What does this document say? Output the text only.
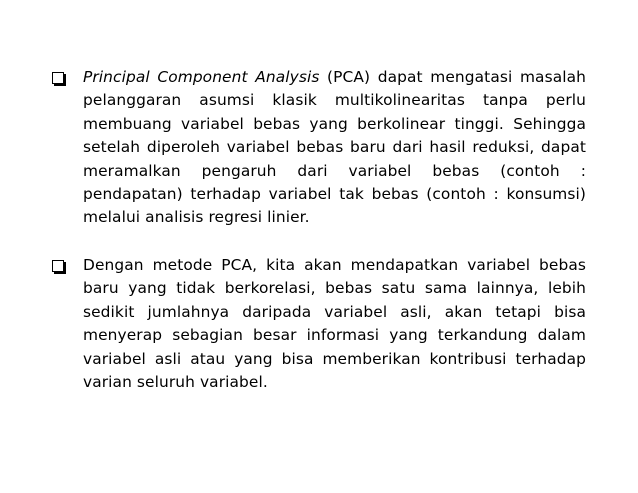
Principal Component Analysis (PCA) dapat mengatasi masalah pelanggaran asumsi klasik multikolinearitas tanpa perlu membuang variabel bebas yang berkolinear tinggi. Sehingga setelah diperoleh variabel bebas baru dari hasil reduksi, dapat meramalkan pengaruh dari variabel bebas (contoh : pendapatan) terhadap variabel tak bebas (contoh : konsumsi) melalui analisis regresi linier.
Dengan metode PCA, kita akan mendapatkan variabel bebas baru yang tidak berkorelasi, bebas satu sama lainnya, lebih sedikit jumlahnya daripada variabel asli, akan tetapi bisa menyerap sebagian besar informasi yang terkandung dalam variabel asli atau yang bisa memberikan kontribusi terhadap varian seluruh variabel.
